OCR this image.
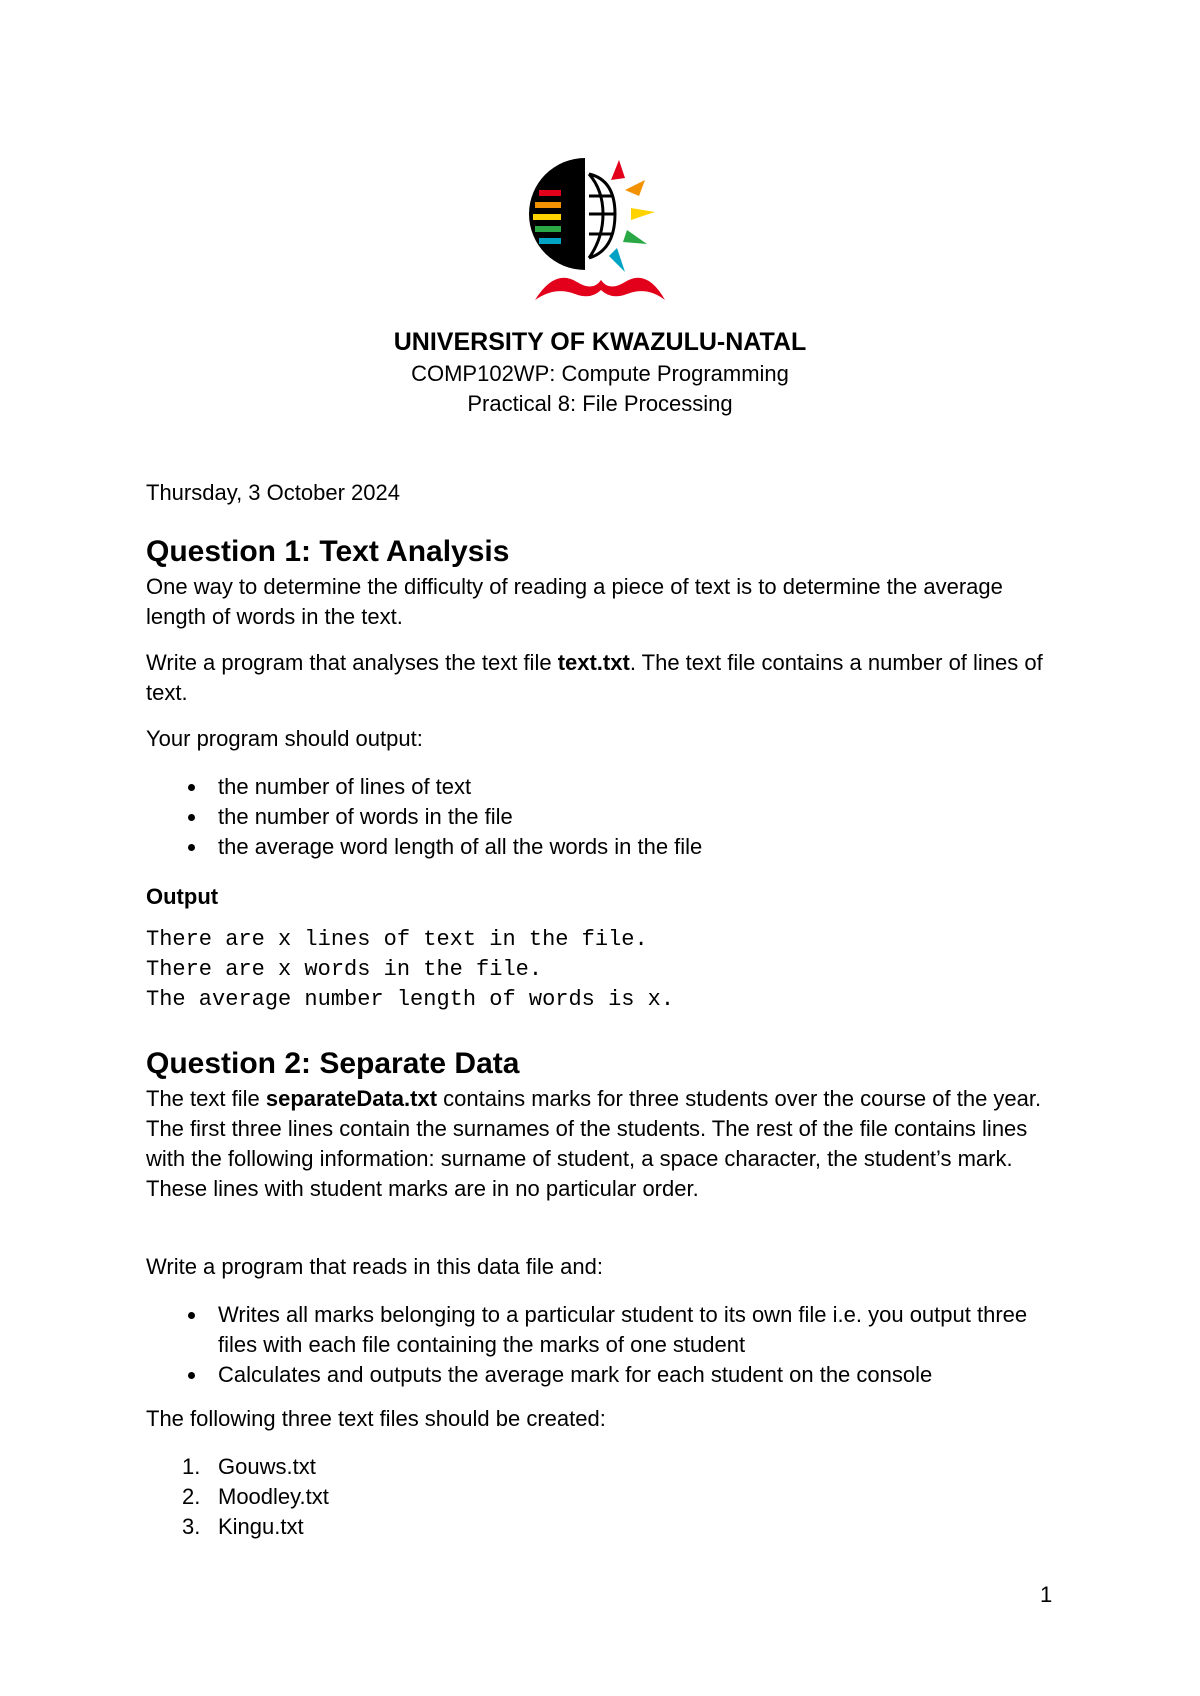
UNIVERSITY OF KWAZULU-NATAL
COMP102WP: Compute Programming
Practical 8: File Processing

Thursday, 3 October 2024

Question 1: Text Analysis

One way to determine the difficulty of reading a piece of text is to determine the average length of words in the text.

Write a program that analyses the text file text.txt. The text file contains a number of lines of text.

Your program should output:

the number of lines of text
the number of words in the file
the average word length of all the words in the file

Output

There are x lines of text in the file.
There are x words in the file.
The average number length of words is x.
Question 2: Separate Data

The text file separateData.txt contains marks for three students over the course of the year. The first three lines contain the surnames of the students. The rest of the file contains lines with the following information: surname of student, a space character, the student’s mark. These lines with student marks are in no particular order.

Write a program that reads in this data file and:

Writes all marks belonging to a particular student to its own file i.e. you output three files with each file containing the marks of one student
Calculates and outputs the average mark for each student on the console

The following three text files should be created:

1. Gouws.txt
2. Moodley.txt
3. Kingu.txt
1
